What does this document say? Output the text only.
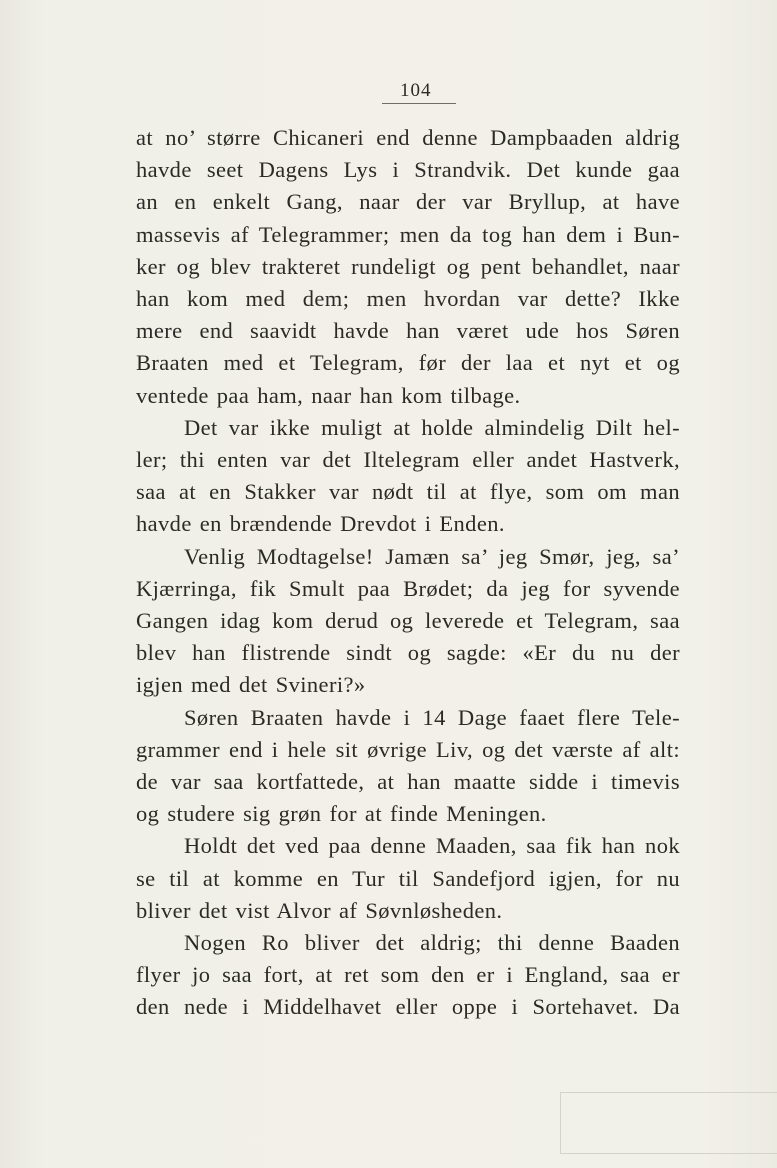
104
at no’ større Chicaneri end denne Dampbaaden aldrig
havde seet Dagens Lys i Strandvik. Det kunde gaa
an en enkelt Gang, naar der var Bryllup, at have
massevis af Telegrammer; men da tog han dem i Bun-
ker og blev trakteret rundeligt og pent behandlet, naar
han kom med dem; men hvordan var dette? Ikke
mere end saavidt havde han været ude hos Søren
Braaten med et Telegram, før der laa et nyt et og
ventede paa ham, naar han kom tilbage.
Det var ikke muligt at holde almindelig Dilt hel-
ler; thi enten var det Iltelegram eller andet Hastverk,
saa at en Stakker var nødt til at flye, som om man
havde en brændende Drevdot i Enden.
Venlig Modtagelse! Jamæn sa’ jeg Smør, jeg, sa’
Kjærringa, fik Smult paa Brødet; da jeg for syvende
Gangen idag kom derud og leverede et Telegram, saa
blev han flistrende sindt og sagde: «Er du nu der
igjen med det Svineri?»
Søren Braaten havde i 14 Dage faaet flere Tele-
grammer end i hele sit øvrige Liv, og det værste af alt:
de var saa kortfattede, at han maatte sidde i timevis
og studere sig grøn for at finde Meningen.
Holdt det ved paa denne Maaden, saa fik han nok
se til at komme en Tur til Sandefjord igjen, for nu
bliver det vist Alvor af Søvnløsheden.
Nogen Ro bliver det aldrig; thi denne Baaden
flyer jo saa fort, at ret som den er i England, saa er
den nede i Middelhavet eller oppe i Sortehavet. Da
